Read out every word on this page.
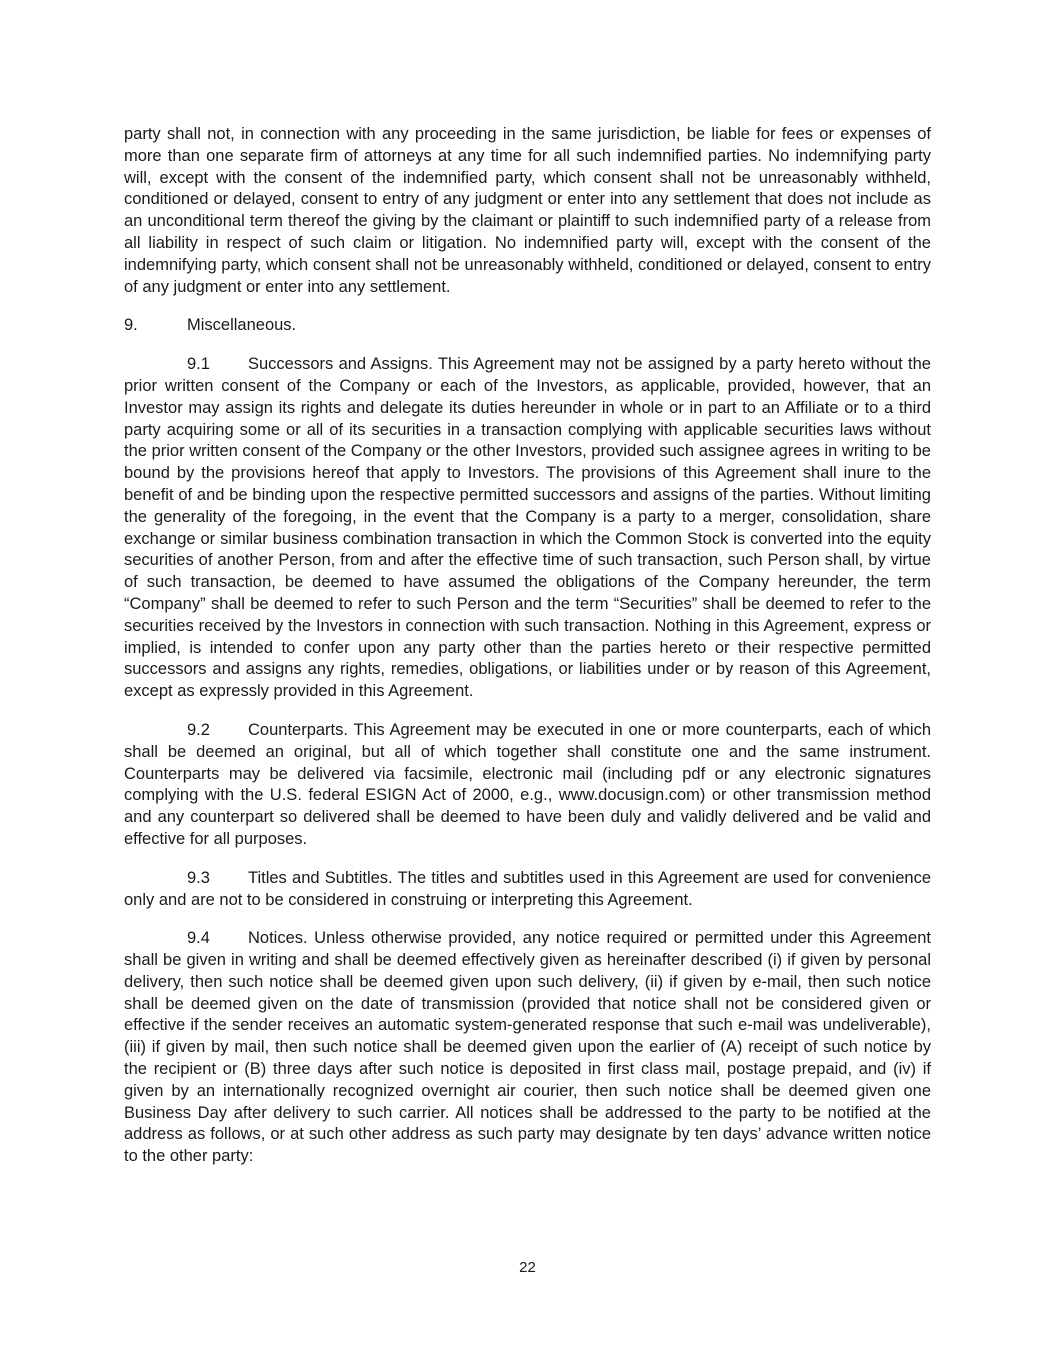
party shall not, in connection with any proceeding in the same jurisdiction, be liable for fees or expenses of more than one separate firm of attorneys at any time for all such indemnified parties. No indemnifying party will, except with the consent of the indemnified party, which consent shall not be unreasonably withheld, conditioned or delayed, consent to entry of any judgment or enter into any settlement that does not include as an unconditional term thereof the giving by the claimant or plaintiff to such indemnified party of a release from all liability in respect of such claim or litigation. No indemnified party will, except with the consent of the indemnifying party, which consent shall not be unreasonably withheld, conditioned or delayed, consent to entry of any judgment or enter into any settlement.

9.	Miscellaneous.

9.1 Successors and Assigns. This Agreement may not be assigned by a party hereto without the prior written consent of the Company or each of the Investors, as applicable, provided, however, that an Investor may assign its rights and delegate its duties hereunder in whole or in part to an Affiliate or to a third party acquiring some or all of its securities in a transaction complying with applicable securities laws without the prior written consent of the Company or the other Investors, provided such assignee agrees in writing to be bound by the provisions hereof that apply to Investors. The provisions of this Agreement shall inure to the benefit of and be binding upon the respective permitted successors and assigns of the parties. Without limiting the generality of the foregoing, in the event that the Company is a party to a merger, consolidation, share exchange or similar business combination transaction in which the Common Stock is converted into the equity securities of another Person, from and after the effective time of such transaction, such Person shall, by virtue of such transaction, be deemed to have assumed the obligations of the Company hereunder, the term “Company” shall be deemed to refer to such Person and the term “Securities” shall be deemed to refer to the securities received by the Investors in connection with such transaction. Nothing in this Agreement, express or implied, is intended to confer upon any party other than the parties hereto or their respective permitted successors and assigns any rights, remedies, obligations, or liabilities under or by reason of this Agreement, except as expressly provided in this Agreement.

9.2 Counterparts. This Agreement may be executed in one or more counterparts, each of which shall be deemed an original, but all of which together shall constitute one and the same instrument. Counterparts may be delivered via facsimile, electronic mail (including pdf or any electronic signatures complying with the U.S. federal ESIGN Act of 2000, e.g., www.docusign.com) or other transmission method and any counterpart so delivered shall be deemed to have been duly and validly delivered and be valid and effective for all purposes.

9.3 Titles and Subtitles. The titles and subtitles used in this Agreement are used for convenience only and are not to be considered in construing or interpreting this Agreement.

9.4 Notices. Unless otherwise provided, any notice required or permitted under this Agreement shall be given in writing and shall be deemed effectively given as hereinafter described (i) if given by personal delivery, then such notice shall be deemed given upon such delivery, (ii) if given by e-mail, then such notice shall be deemed given on the date of transmission (provided that notice shall not be considered given or effective if the sender receives an automatic system-generated response that such e-mail was undeliverable), (iii) if given by mail, then such notice shall be deemed given upon the earlier of (A) receipt of such notice by the recipient or (B) three days after such notice is deposited in first class mail, postage prepaid, and (iv) if given by an internationally recognized overnight air courier, then such notice shall be deemed given one Business Day after delivery to such carrier. All notices shall be addressed to the party to be notified at the address as follows, or at such other address as such party may designate by ten days’ advance written notice to the other party:

22
